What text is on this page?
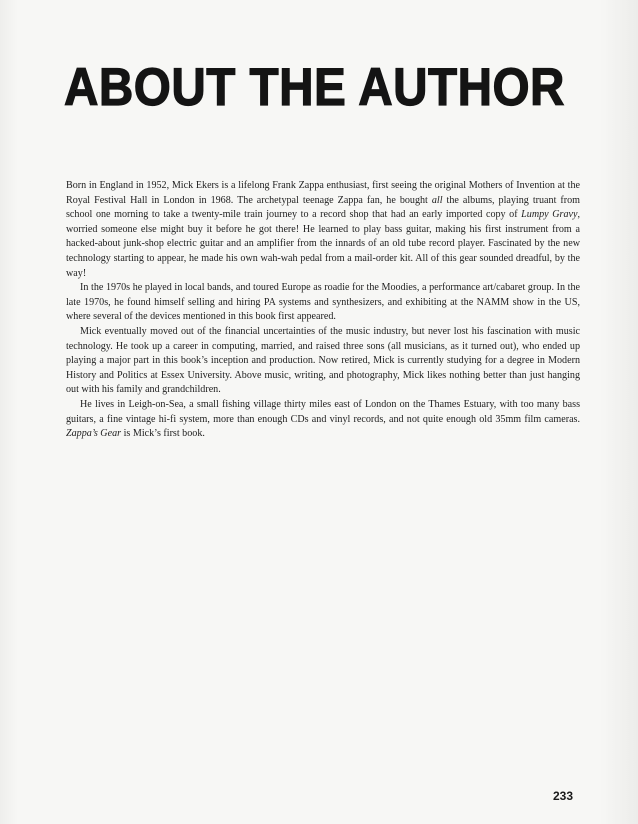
ABOUT THE AUTHOR

Born in England in 1952, Mick Ekers is a lifelong Frank Zappa enthusiast, first seeing the original Mothers of Invention at the Royal Festival Hall in London in 1968. The archetypal teenage Zappa fan, he bought all the albums, playing truant from school one morning to take a twenty-mile train journey to a record shop that had an early imported copy of Lumpy Gravy, worried someone else might buy it before he got there! He learned to play bass guitar, making his first instrument from a hacked-about junk-shop electric guitar and an amplifier from the innards of an old tube record player. Fascinated by the new technology starting to appear, he made his own wah-wah pedal from a mail-order kit. All of this gear sounded dreadful, by the way!

In the 1970s he played in local bands, and toured Europe as roadie for the Moodies, a performance art/cabaret group. In the late 1970s, he found himself selling and hiring PA systems and synthesizers, and exhibiting at the NAMM show in the US, where several of the devices mentioned in this book first appeared.

Mick eventually moved out of the financial uncertainties of the music industry, but never lost his fascination with music technology. He took up a career in computing, married, and raised three sons (all musicians, as it turned out), who ended up playing a major part in this book’s inception and production. Now retired, Mick is currently studying for a degree in Modern History and Politics at Essex University. Above music, writing, and photography, Mick likes nothing better than just hanging out with his family and grandchildren.

He lives in Leigh-on-Sea, a small fishing village thirty miles east of London on the Thames Estuary, with too many bass guitars, a fine vintage hi-fi system, more than enough CDs and vinyl records, and not quite enough old 35mm film cameras. Zappa’s Gear is Mick’s first book.

233
